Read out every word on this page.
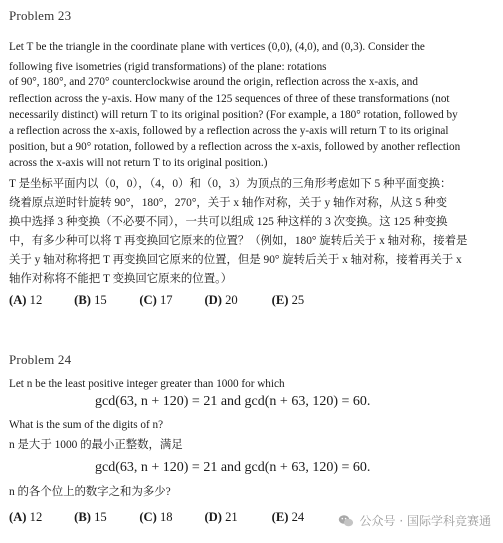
Problem 23
Let T be the triangle in the coordinate plane with vertices (0,0), (4,0), and (0,3). Consider the
following five isometries (rigid transformations) of the plane: rotations
of 90°, 180°, and 270° counterclockwise around the origin, reflection across the x-axis, and
reflection across the y-axis. How many of the 125 sequences of three of these transformations (not
necessarily distinct) will return T to its original position? (For example, a 180° rotation, followed by
a reflection across the x-axis, followed by a reflection across the y-axis will return T to its original
position, but a 90° rotation, followed by a reflection across the x-axis, followed by another reflection
across the x-axis will not return T to its original position.)
T 是坐标平面内以（0，0），（4，0）和（0，3）为顶点的三角形考虑如下 5 种平面变换：
绕着原点逆时针旋转 90°，180°，270°，关于 x 轴作对称，关于 y 轴作对称，从这 5 种变
换中选择 3 种变换（不必要不同），一共可以组成 125 种这样的 3 次变换。这 125 种变换
中，有多少种可以将 T 再变换回它原来的位置？（例如，180° 旋转后关于 x 轴对称，接着是
关于 y 轴对称将把 T 再变换回它原来的位置，但是 90° 旋转后关于 x 轴对称，接着再关于 x
轴作对称将不能把 T 变换回它原来的位置。）
(A) 12	(B) 15	(C) 17	(D) 20	(E) 25
Problem 24
Let n be the least positive integer greater than 1000 for which
gcd(63, n + 120) = 21 and gcd(n + 63, 120) = 60.
What is the sum of the digits of n?
n 是大于 1000 的最小正整数，满足
gcd(63, n + 120) = 21 and gcd(n + 63, 120) = 60.
n 的各个位上的数字之和为多少?
(A) 12	(B) 15	(C) 18	(D) 21	(E) 24	公众号 · 国际学科竞赛通
